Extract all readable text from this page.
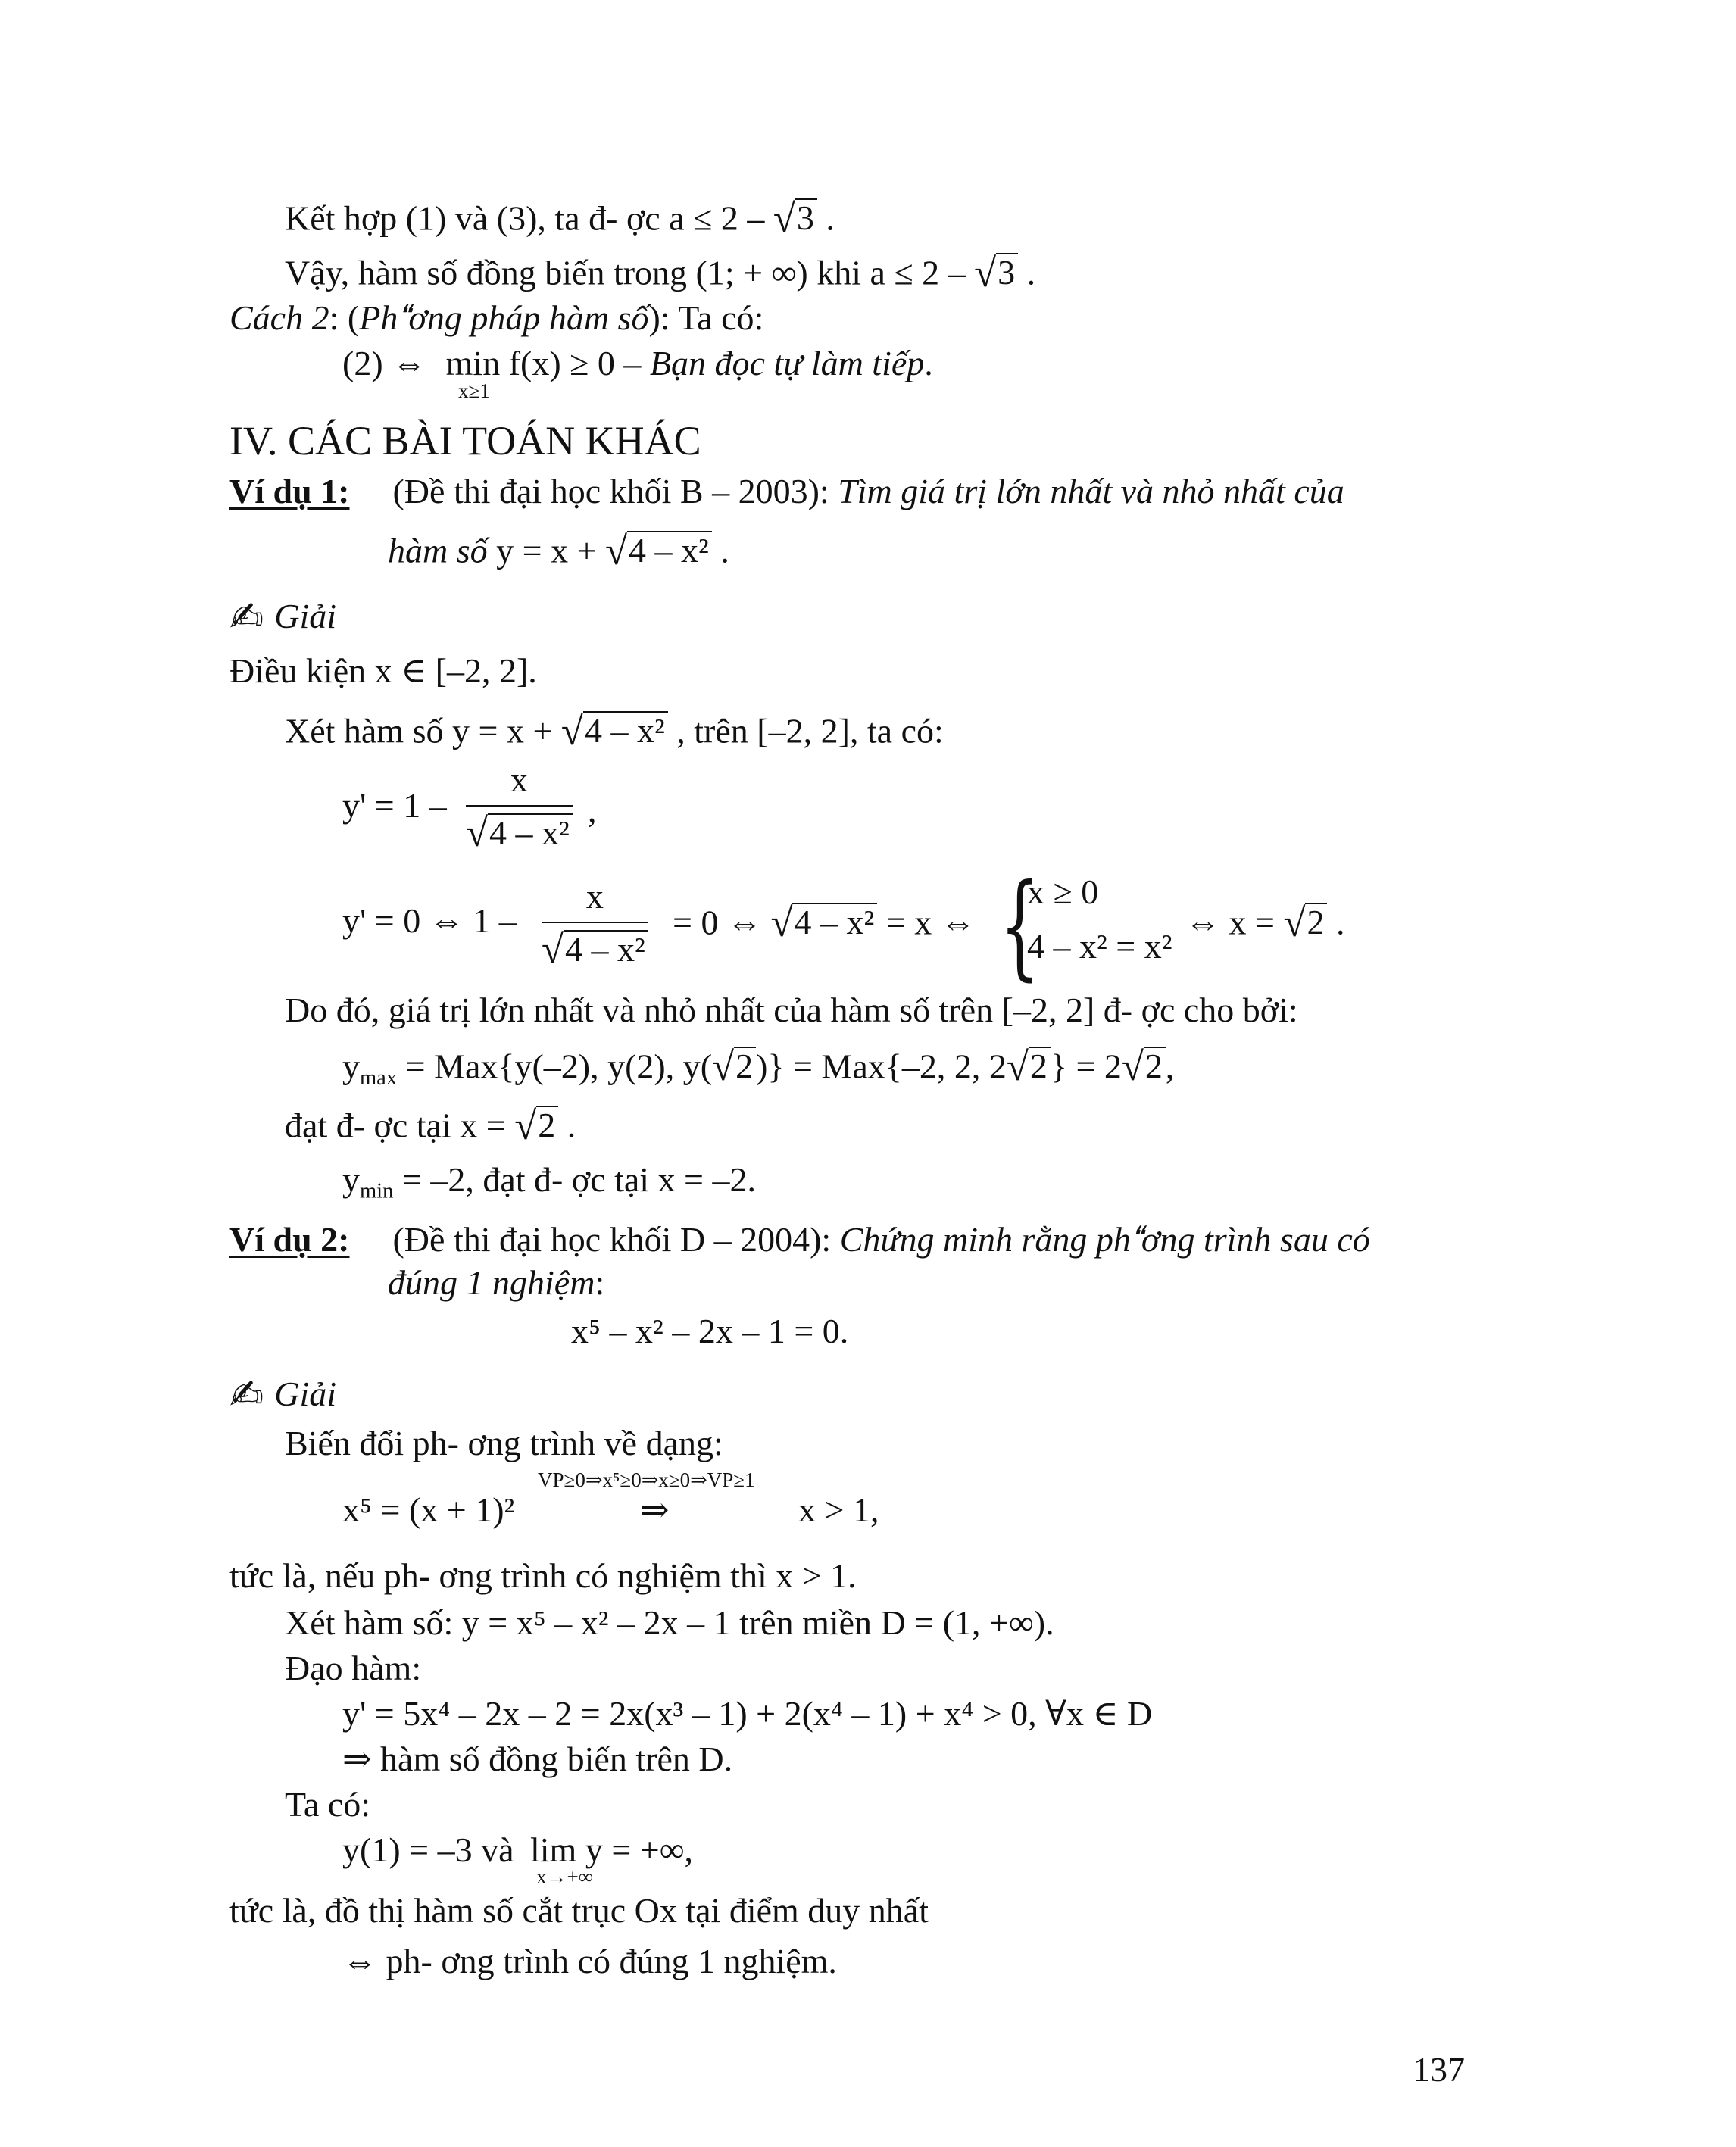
Kết hợp (1) và (3), ta đ- ợc a ≤ 2 – √3 .
Vậy, hàm số đồng biến trong (1; + ∞) khi a ≤ 2 – √3 .
Cách 2: (Phơng pháp hàm số): Ta có:
(2) ⇔ min f(x) ≥ 0 – Bạn đọc tự làm tiếp.
x≥1
IV. CÁC BÀI TOÁN KHÁC
Ví dụ 1: (Đề thi đại học khối B – 2003): Tìm giá trị lớn nhất và nhỏ nhất của
hàm số y = x + √4 – x² .
✍ Giải
Điều kiện x ∈ [–2, 2].
Xét hàm số y = x + √4 – x² , trên [–2, 2], ta có:
y' = 1 –
x
√4 – x²
,
y' = 0 ⇔ 1 –
x
√4 – x²
= 0 ⇔ √4 – x² = x ⇔ {
x ≥ 0
4 – x² = x²
⇔ x = √2 .
Do đó, giá trị lớn nhất và nhỏ nhất của hàm số trên [–2, 2] đ- ợc cho bởi:
$y_{max} = Max\{y(-2)$, y(2), y(√2)} = Max{–2, 2, 2√2} = 2√2,
đạt đ- ợc tại x = √2 .
$y_{min} = -2$, đạt đ- ợc tại x = –2.
Ví dụ 2: (Đề thi đại học khối D – 2004): Chứng minh rằng phơng trình sau có
đúng 1 nghiệm:
x⁵ – x² – 2x – 1 = 0.
✍ Giải
Biến đổi ph- ơng trình về dạng:
VP≥0⇒x⁵≥0⇒x≥0⇒VP≥1
x⁵ = (x + 1)²	⇒	x > 1,
tức là, nếu ph- ơng trình có nghiệm thì x > 1.
Xét hàm số: y = x⁵ – x² – 2x – 1 trên miền D = (1, +∞).
Đạo hàm:
y' = 5x⁴ – 2x – 2 = 2x(x³ – 1) + 2(x⁴ – 1) + x⁴ > 0, ∀x ∈ D
⇒ hàm số đồng biến trên D.
Ta có:
y(1) = –3 và lim y = +∞,
x→+∞
tức là, đồ thị hàm số cắt trục Ox tại điểm duy nhất
⇔ ph- ơng trình có đúng 1 nghiệm.
137
